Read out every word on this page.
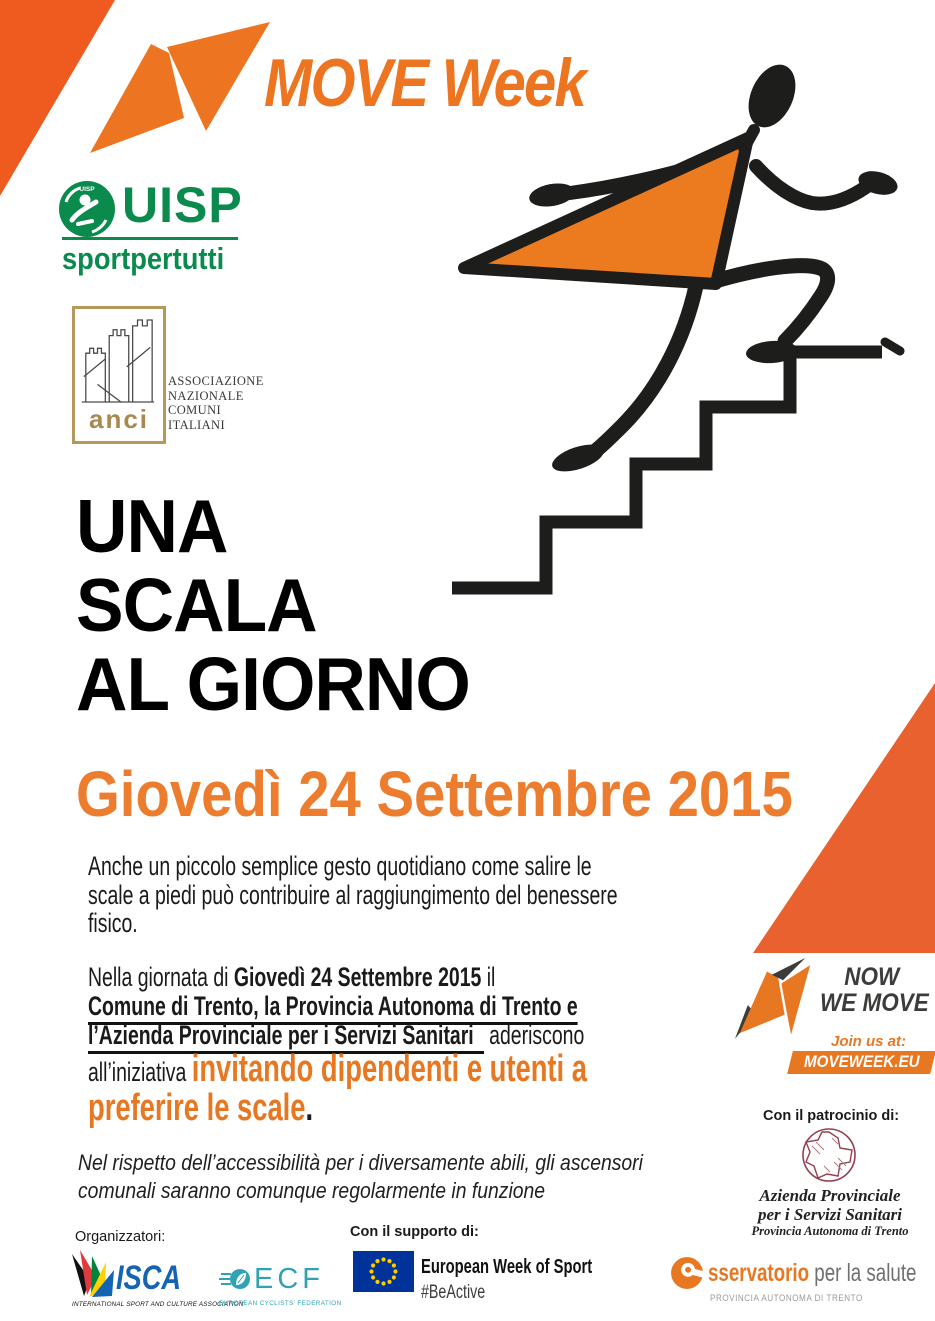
MOVE Week
UISP UISP
sportpertutti
anci
ASSOCIAZIONE
NAZIONALE
COMUNI
ITALIANI
UNA
SCALA
AL GIORNO
Giovedì 24 Settembre 2015
Anche un piccolo semplice gesto quotidiano come salire le
scale a piedi può contribuire al raggiungimento del benessere
fisico.
Nella giornata di Giovedì 24 Settembre 2015 il
Comune di Trento, la Provincia Autonoma di Trento e
l’Azienda Provinciale per i Servizi Sanitari aderiscono
all’iniziativa invitando dipendenti e utenti a
preferire le scale.
Nel rispetto dell’accessibilità per i diversamente abili, gli ascensori
comunali saranno comunque regolarmente in funzione
NOW
WE MOVE
Join us at:
MOVEWEEK.EU
Con il patrocinio di:
Azienda Provinciale
per i Servizi Sanitari
Provincia Autonoma di Trento
Organizzatori:
ISCA
INTERNATIONAL SPORT AND CULTURE ASSOCIATION
ECF
EUROPEAN CYCLISTS’ FEDERATION
Con il supporto di:
European Week of Sport
#BeActive
sservatorio per la salute
PROVINCIA AUTONOMA DI TRENTO
